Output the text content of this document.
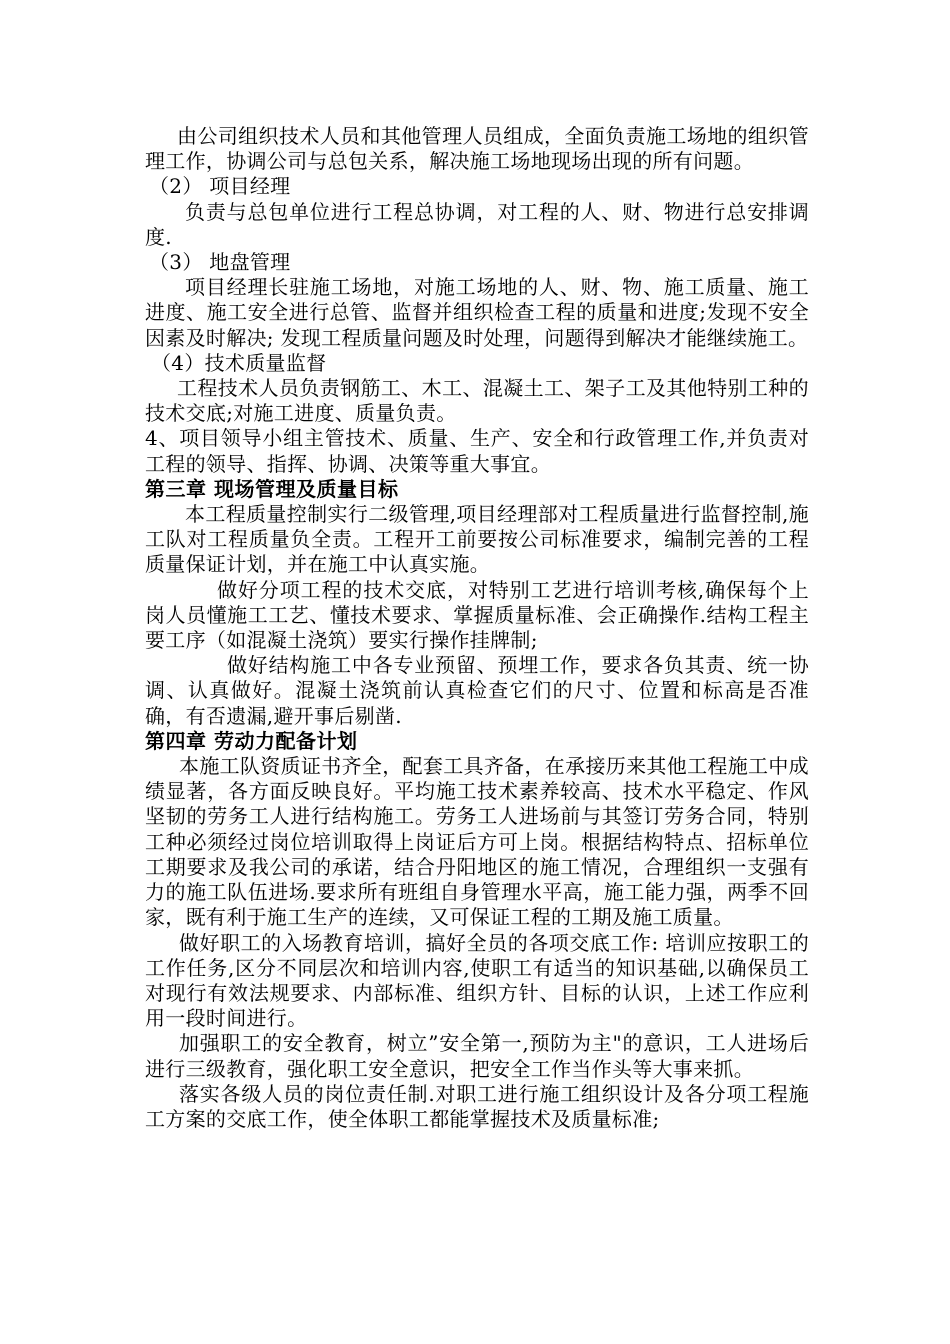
由公司组织技术人员和其他管理人员组成，全面负责施工场地的组织管理工作，协调公司与总包关系，解决施工场地现场出现的所有问题。

（2） 项目经理

负责与总包单位进行工程总协调，对工程的人、财、物进行总安排调度.

（3） 地盘管理

项目经理长驻施工场地，对施工场地的人、财、物、施工质量、施工进度、施工安全进行总管、监督并组织检查工程的质量和进度;发现不安全因素及时解决; 发现工程质量问题及时处理，问题得到解决才能继续施工。

（4）技术质量监督

工程技术人员负责钢筋工、木工、混凝土工、架子工及其他特别工种的技术交底;对施工进度、质量负责。

4、项目领导小组主管技术、质量、生产、安全和行政管理工作,并负责对工程的领导、指挥、协调、决策等重大事宜。

第三章 现场管理及质量目标

本工程质量控制实行二级管理,项目经理部对工程质量进行监督控制,施工队对工程质量负全责。工程开工前要按公司标准要求，编制完善的工程质量保证计划，并在施工中认真实施。

做好分项工程的技术交底，对特别工艺进行培训考核,确保每个上岗人员懂施工工艺、懂技术要求、掌握质量标准、会正确操作.结构工程主要工序（如混凝土浇筑）要实行操作挂牌制;

做好结构施工中各专业预留、预埋工作，要求各负其责、统一协调、认真做好。混凝土浇筑前认真检查它们的尺寸、位置和标高是否准确，有否遗漏,避开事后剔凿.

第四章 劳动力配备计划

本施工队资质证书齐全，配套工具齐备，在承接历来其他工程施工中成绩显著，各方面反映良好。平均施工技术素养较高、技术水平稳定、作风坚韧的劳务工人进行结构施工。劳务工人进场前与其签订劳务合同，特别工种必须经过岗位培训取得上岗证后方可上岗。根据结构特点、招标单位工期要求及我公司的承诺，结合丹阳地区的施工情况，合理组织一支强有力的施工队伍进场.要求所有班组自身管理水平高，施工能力强，两季不回家，既有利于施工生产的连续，又可保证工程的工期及施工质量。

做好职工的入场教育培训，搞好全员的各项交底工作: 培训应按职工的工作任务,区分不同层次和培训内容,使职工有适当的知识基础,以确保员工对现行有效法规要求、内部标准、组织方针、目标的认识，上述工作应利用一段时间进行。

加强职工的安全教育，树立”安全第一,预防为主"的意识，工人进场后进行三级教育，强化职工安全意识，把安全工作当作头等大事来抓。

落实各级人员的岗位责任制.对职工进行施工组织设计及各分项工程施工方案的交底工作，使全体职工都能掌握技术及质量标准;
